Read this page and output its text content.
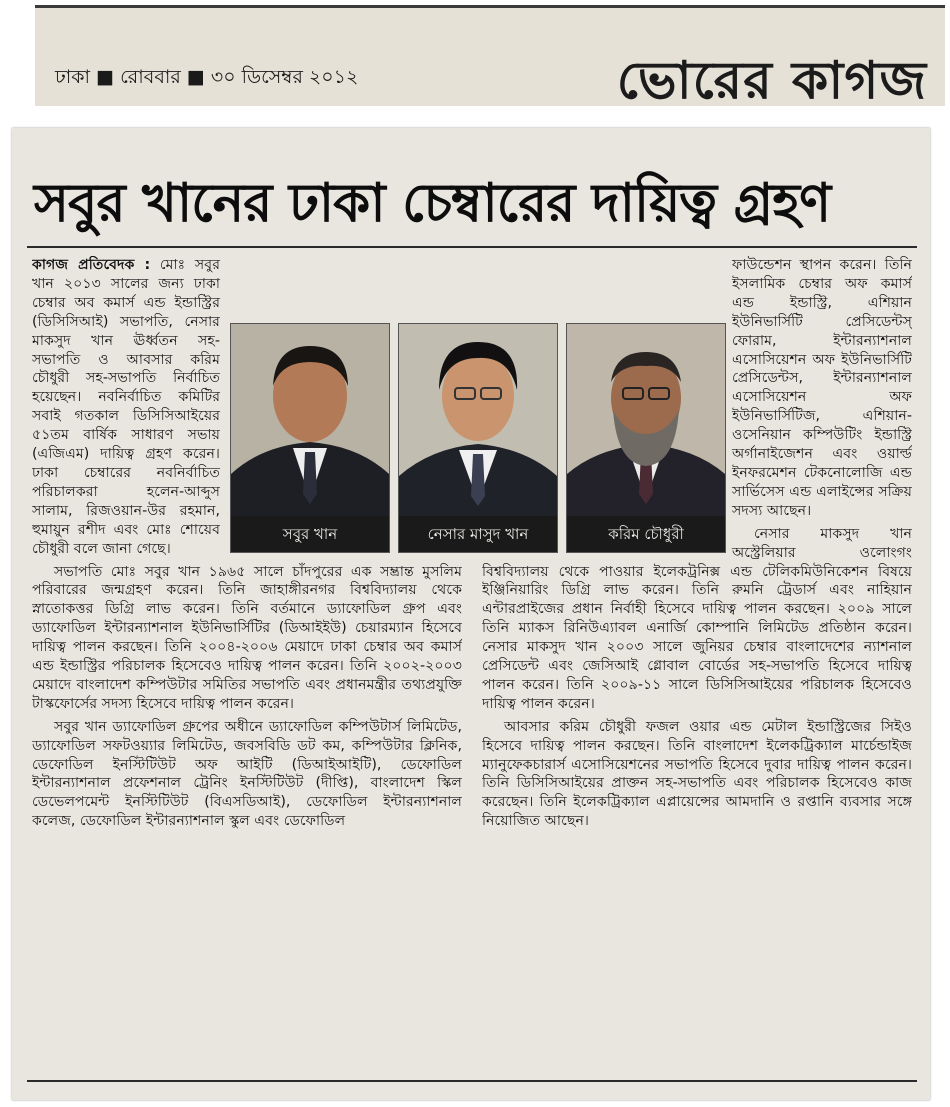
ঢাকা ■ রোববার ■ ৩০ ডিসেম্বর ২০১২	ভোরের কাগজ
সবুর খানের ঢাকা চেম্বারের দায়িত্ব গ্রহণ

কাগজ প্রতিবেদক : মোঃ সবুর খান ২০১৩ সালের জন্য ঢাকা চেম্বার অব কমার্স এন্ড ইন্ডাস্ট্রির (ডিসিসিআই) সভাপতি, নেসার মাকসুদ খান ঊর্ধ্বতন সহ-সভাপতি ও আবসার করিম চৌধুরী সহ-সভাপতি নির্বাচিত হয়েছেন। নবনির্বাচিত কমিটির সবাই গতকাল ডিসিসিআইয়ের ৫১তম বার্ষিক সাধারণ সভায় (এজিএম) দায়িত্ব গ্রহণ করেন। ঢাকা চেম্বারের নবনির্বাচিত পরিচালকরা হলেন-আব্দুস সালাম, রিজওয়ান-উর রহমান, হুমায়ুন রশীদ এবং মোঃ শোয়েব চৌধুরী বলে জানা গেছে।

সভাপতি মোঃ সবুর খান ১৯৬৫ সালে চাঁদপুরের এক সম্ভ্রান্ত মুসলিম পরিবারের জন্মগ্রহণ করেন। তিনি জাহাঙ্গীরনগর বিশ্ববিদ্যালয় থেকে স্নাতোকত্তর ডিগ্রি লাভ করেন। তিনি বর্তমানে ড্যাফোডিল গ্রুপ এবং ড্যাফোডিল ইন্টারন্যাশনাল ইউনিভার্সিটির (ডিআইইউ) চেয়ারম্যান হিসেবে দায়িত্ব পালন করছেন। তিনি ২০০৪-২০০৬ মেয়াদে ঢাকা চেম্বার অব কমার্স এন্ড ইন্ডাস্ট্রির পরিচালক হিসেবেও দায়িত্ব পালন করেন। তিনি ২০০২-২০০৩ মেয়াদে বাংলাদেশ কম্পিউটার সমিতির সভাপতি এবং প্রধানমন্ত্রীর তথ্যপ্রযুক্তি টাস্কফোর্সের সদস্য হিসেবে দায়িত্ব পালন করেন।

সবুর খান ড্যাফোডিল গ্রুপের অধীনে ড্যাফোডিল কম্পিউটার্স লিমিটেড, ড্যাফোডিল সফটওয়্যার লিমিটেড, জবসবিডি ডট কম, কম্পিউটার ক্লিনিক, ডেফোডিল ইনস্টিটিউট অফ আইটি (ডিআইআইটি), ডেফোডিল ইন্টারন্যাশনাল প্রফেশনাল ট্রেনিং ইনস্টিটিউট (দীপ্তি), বাংলাদেশ স্কিল ডেভেলপমেন্ট ইনস্টিটিউট (বিএসডিআই), ডেফোডিল ইন্টারন্যাশনাল কলেজ, ডেফোডিল ইন্টারন্যাশনাল স্কুল এবং ডেফোডিল

ফাউন্ডেশন স্থাপন করেন। তিনি ইসলামিক চেম্বার অফ কমার্স এন্ড ইন্ডাস্ট্রি, এশিয়ান ইউনিভার্সিটি প্রেসিডেন্টস্ ফোরাম, ইন্টারন্যাশনাল এসোসিয়েশন অফ ইউনিভার্সিটি প্রেসিডেন্টস, ইন্টারন্যাশনাল এসোসিয়েশন অফ ইউনিভার্সিটিজ, এশিয়ান-ওসেনিয়ান কম্পিউটিং ইন্ডাস্ট্রি অর্গানাইজেশন এবং ওয়ার্ল্ড ইনফরমেশন টেকনোলোজি এন্ড সার্ভিসেস এন্ড এলাইন্সের সক্রিয় সদস্য আছেন।

নেসার মাকসুদ খান অস্ট্রেলিয়ার ওলোংগং বিশ্ববিদ্যালয় থেকে পাওয়ার ইলেকট্রনিক্স এন্ড টেলিকমিউনিকেশন বিষয়ে ইঞ্জিনিয়ারিং ডিগ্রি লাভ করেন। তিনি রুমনি ট্রেডার্স এবং নাহিয়ান এন্টারপ্রাইজের প্রধান নির্বাহী হিসেবে দায়িত্ব পালন করছেন। ২০০৯ সালে তিনি ম্যাকস রিনিউএ্যাবল এনার্জি কোম্পানি লিমিটেড প্রতিষ্ঠান করেন। নেসার মাকসুদ খান ২০০৩ সালে জুনিয়র চেম্বার বাংলাদেশের ন্যাশনাল প্রেসিডেন্ট এবং জেসিআই গ্লোবাল বোর্ডের সহ-সভাপতি হিসেবে দায়িত্ব পালন করেন। তিনি ২০০৯-১১ সালে ডিসিসিআইয়ের পরিচালক হিসেবেও দায়িত্ব পালন করেন।

আবসার করিম চৌধুরী ফজল ওয়ার এন্ড মেটাল ইন্ডাস্ট্রিজের সিইও হিসেবে দায়িত্ব পালন করছেন। তিনি বাংলাদেশ ইলেকট্রিক্যাল মার্চেন্ডাইজ ম্যানুফেকচারার্স এসোসিয়েশনের সভাপতি হিসেবে দুবার দায়িত্ব পালন করেন। তিনি ডিসিসিআইয়ের প্রাক্তন সহ-সভাপতি এবং পরিচালক হিসেবেও কাজ করেছেন। তিনি ইলেকট্রিক্যাল এপ্লায়েন্সের আমদানি ও রপ্তানি ব্যবসার সঙ্গে নিয়োজিত আছেন।

সবুর খান	নেসার মাসুদ খান	করিম চৌধুরী
